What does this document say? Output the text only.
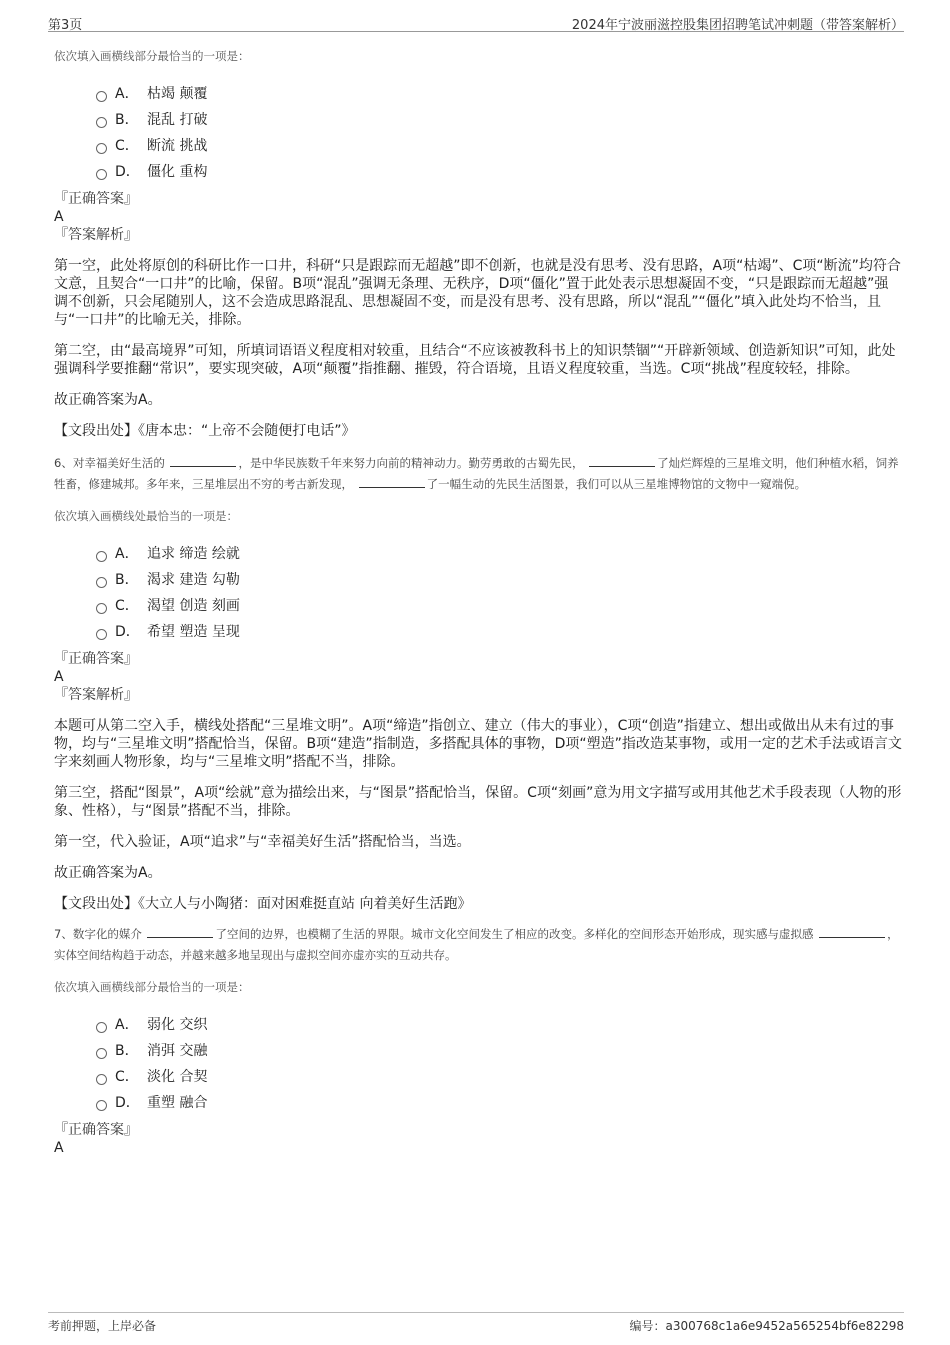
第3页	2024年宁波丽滋控股集团招聘笔试冲刺题（带答案解析）
依次填入画横线部分最恰当的一项是：
A． 枯竭 颠覆
B． 混乱 打破
C． 断流 挑战
D． 僵化 重构
『正确答案』
A
『答案解析』
第一空，此处将原创的科研比作一口井，科研“只是跟踪而无超越”即不创新，也就是没有思考、没有思路，A项“枯竭”、C项“断流”均符合文意，且契合“一口井”的比喻，保留。B项“混乱”强调无条理、无秩序，D项“僵化”置于此处表示思想凝固不变，“只是跟踪而无超越”强调不创新，只会尾随别人，这不会造成思路混乱、思想凝固不变，而是没有思考、没有思路，所以“混乱”“僵化”填入此处均不恰当，且与“一口井”的比喻无关，排除。
第二空，由“最高境界”可知，所填词语语义程度相对较重，且结合“不应该被教科书上的知识禁锢”“开辟新领域、创造新知识”可知，此处强调科学要推翻“常识”，要实现突破，A项“颠覆”指推翻、摧毁，符合语境，且语义程度较重，当选。C项“挑战”程度较轻，排除。
故正确答案为A。
【文段出处】《唐本忠：“上帝不会随便打电话”》
6、对幸福美好生活的	，是中华民族数千年来努力向前的精神动力。勤劳勇敢的古蜀先民，	了灿烂辉煌的三星堆文明，他们种植水稻，饲养牲畜，修建城邦。多年来，三星堆层出不穷的考古新发现，	了一幅生动的先民生活图景，我们可以从三星堆博物馆的文物中一窥端倪。
依次填入画横线处最恰当的一项是：
A． 追求 缔造 绘就
B． 渴求 建造 勾勒
C． 渴望 创造 刻画
D． 希望 塑造 呈现
『正确答案』
A
『答案解析』
本题可从第二空入手，横线处搭配“三星堆文明”。A项“缔造”指创立、建立（伟大的事业），C项“创造”指建立、想出或做出从未有过的事物，均与“三星堆文明”搭配恰当，保留。B项“建造”指制造，多搭配具体的事物，D项“塑造”指改造某事物，或用一定的艺术手法或语言文字来刻画人物形象，均与“三星堆文明”搭配不当，排除。
第三空，搭配“图景”，A项“绘就”意为描绘出来，与“图景”搭配恰当，保留。C项“刻画”意为用文字描写或用其他艺术手段表现（人物的形象、性格），与“图景”搭配不当，排除。
第一空，代入验证，A项“追求”与“幸福美好生活”搭配恰当，当选。
故正确答案为A。
【文段出处】《大立人与小陶猪：面对困难挺直站 向着美好生活跑》
7、数字化的媒介	了空间的边界，也模糊了生活的界限。城市文化空间发生了相应的改变。多样化的空间形态开始形成，现实感与虚拟感	，实体空间结构趋于动态，并越来越多地呈现出与虚拟空间亦虚亦实的互动共存。
依次填入画横线部分最恰当的一项是：
A． 弱化 交织
B． 消弭 交融
C． 淡化 合契
D． 重塑 融合
『正确答案』
A
考前押题，上岸必备	编号：a300768c1a6e9452a565254bf6e82298
